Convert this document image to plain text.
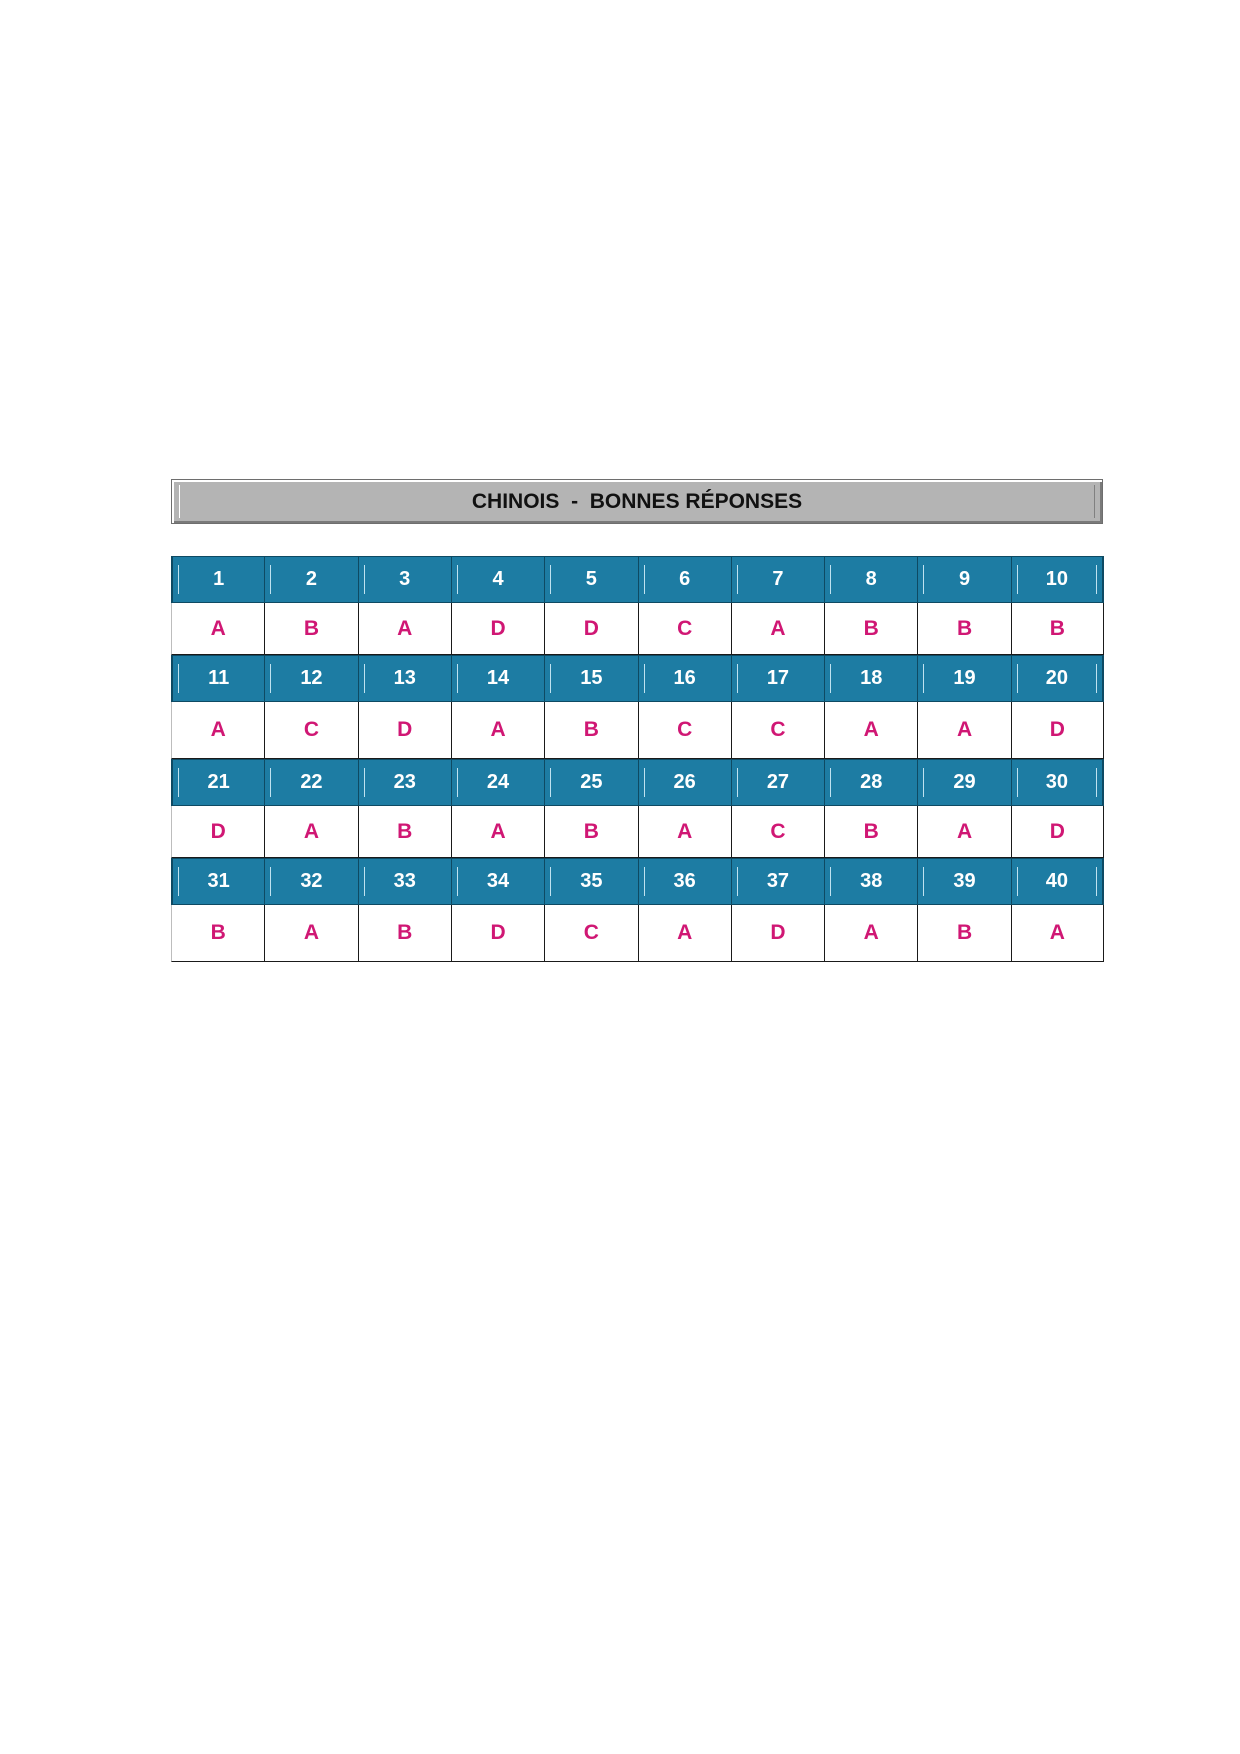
CHINOIS  -  BONNES RÉPONSES
1	2	3	4	5	6	7	8	9	10
A	B	A	D	D	C	A	B	B	B
11	12	13	14	15	16	17	18	19	20
A	C	D	A	B	C	C	A	A	D
21	22	23	24	25	26	27	28	29	30
D	A	B	A	B	A	C	B	A	D
31	32	33	34	35	36	37	38	39	40
B	A	B	D	C	A	D	A	B	A
